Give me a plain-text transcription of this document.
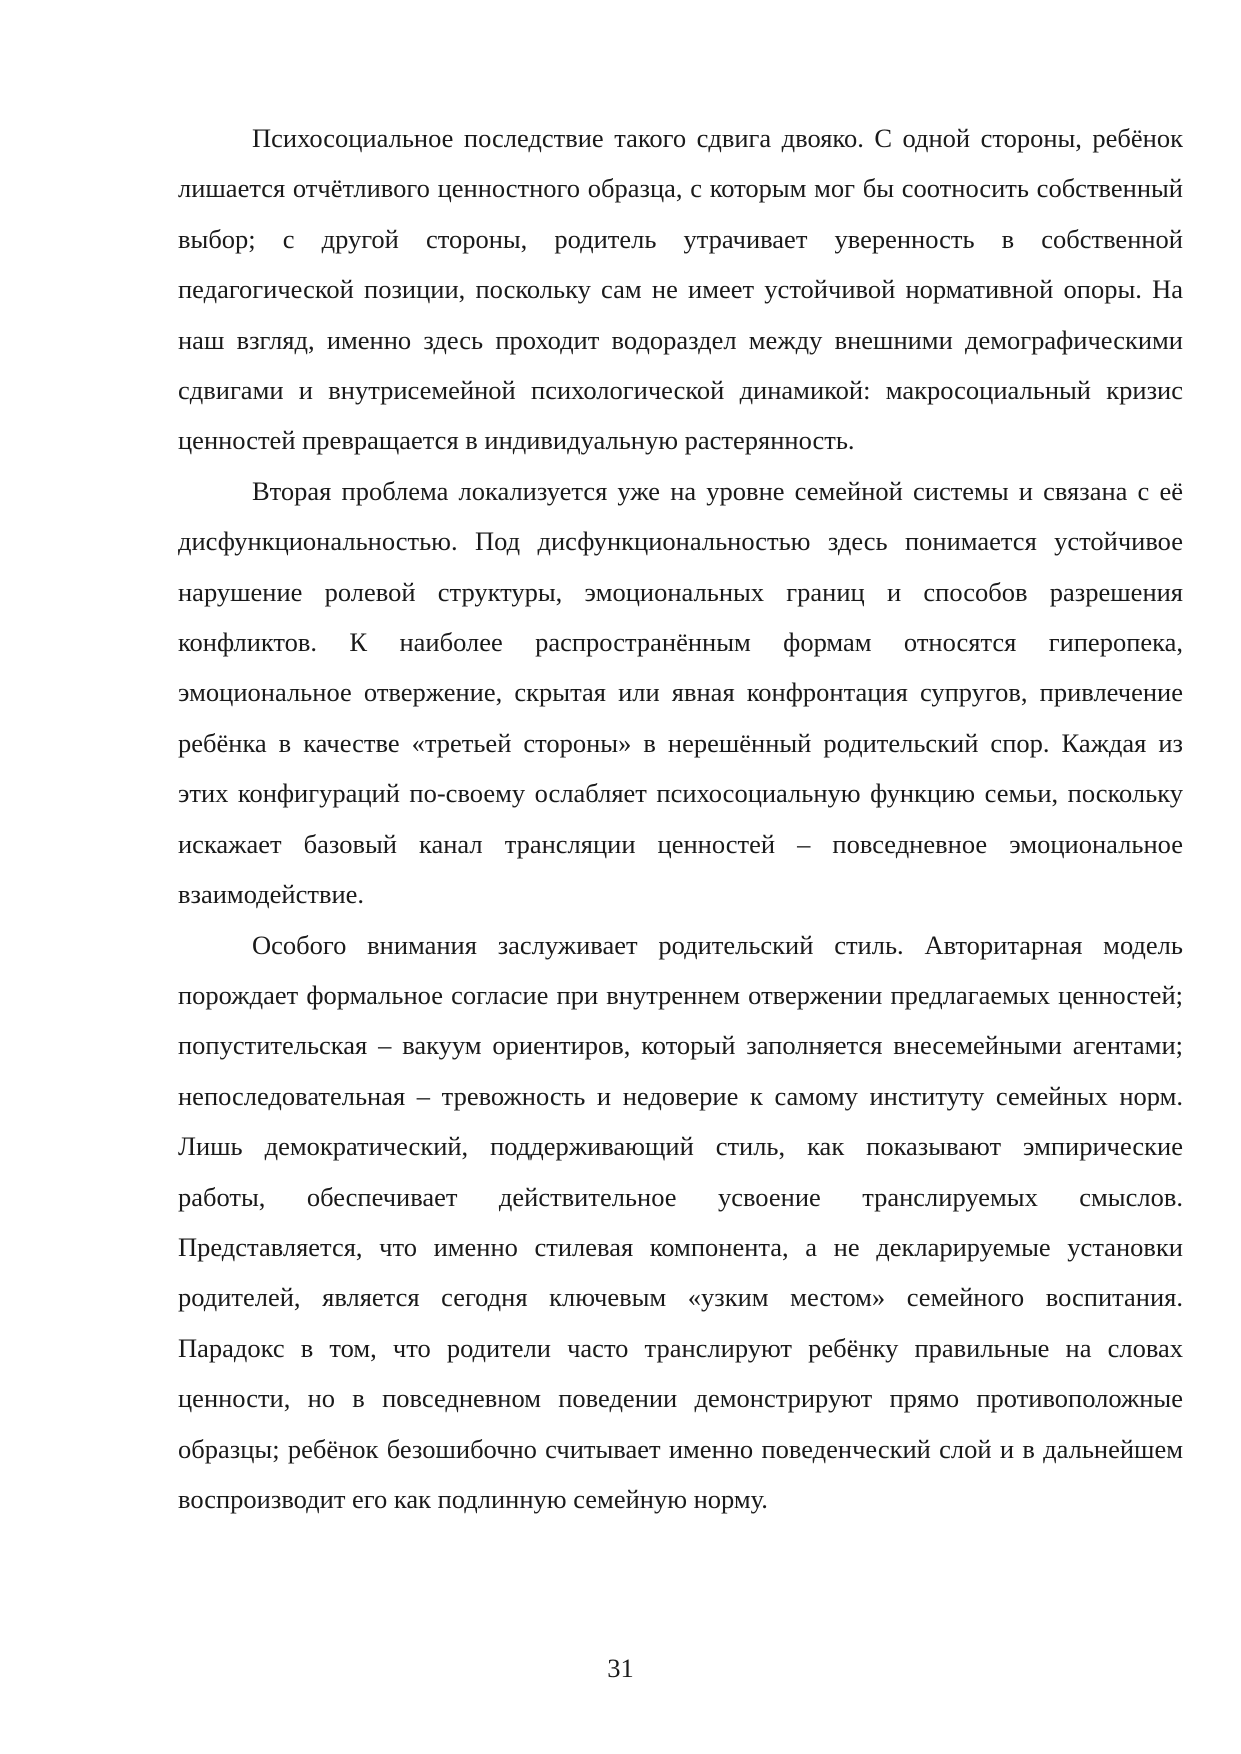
Психосоциальное последствие такого сдвига двояко. С одной стороны, ребёнок лишается отчётливого ценностного образца, с которым мог бы соотносить собственный выбор; с другой стороны, родитель утрачивает уверенность в собственной педагогической позиции, поскольку сам не имеет устойчивой нормативной опоры. На наш взгляд, именно здесь проходит водораздел между внешними демографическими сдвигами и внутрисемейной психологической динамикой: макросоциальный кризис ценностей превращается в индивидуальную растерянность.

Вторая проблема локализуется уже на уровне семейной системы и связана с её дисфункциональностью. Под дисфункциональностью здесь понимается устойчивое нарушение ролевой структуры, эмоциональных границ и способов разрешения конфликтов. К наиболее распространённым формам относятся гиперопека, эмоциональное отвержение, скрытая или явная конфронтация супругов, привлечение ребёнка в качестве «третьей стороны» в нерешённый родительский спор. Каждая из этих конфигураций по-своему ослабляет психосоциальную функцию семьи, поскольку искажает базовый канал трансляции ценностей – повседневное эмоциональное взаимодействие.

Особого внимания заслуживает родительский стиль. Авторитарная модель порождает формальное согласие при внутреннем отвержении предлагаемых ценностей; попустительская – вакуум ориентиров, который заполняется внесемейными агентами; непоследовательная – тревожность и недоверие к самому институту семейных норм. Лишь демократический, поддерживающий стиль, как показывают эмпирические работы, обеспечивает действительное усвоение транслируемых смыслов. Представляется, что именно стилевая компонента, а не декларируемые установки родителей, является сегодня ключевым «узким местом» семейного воспитания. Парадокс в том, что родители часто транслируют ребёнку правильные на словах ценности, но в повседневном поведении демонстрируют прямо противоположные образцы; ребёнок безошибочно считывает именно поведенческий слой и в дальнейшем воспроизводит его как подлинную семейную норму.

31
